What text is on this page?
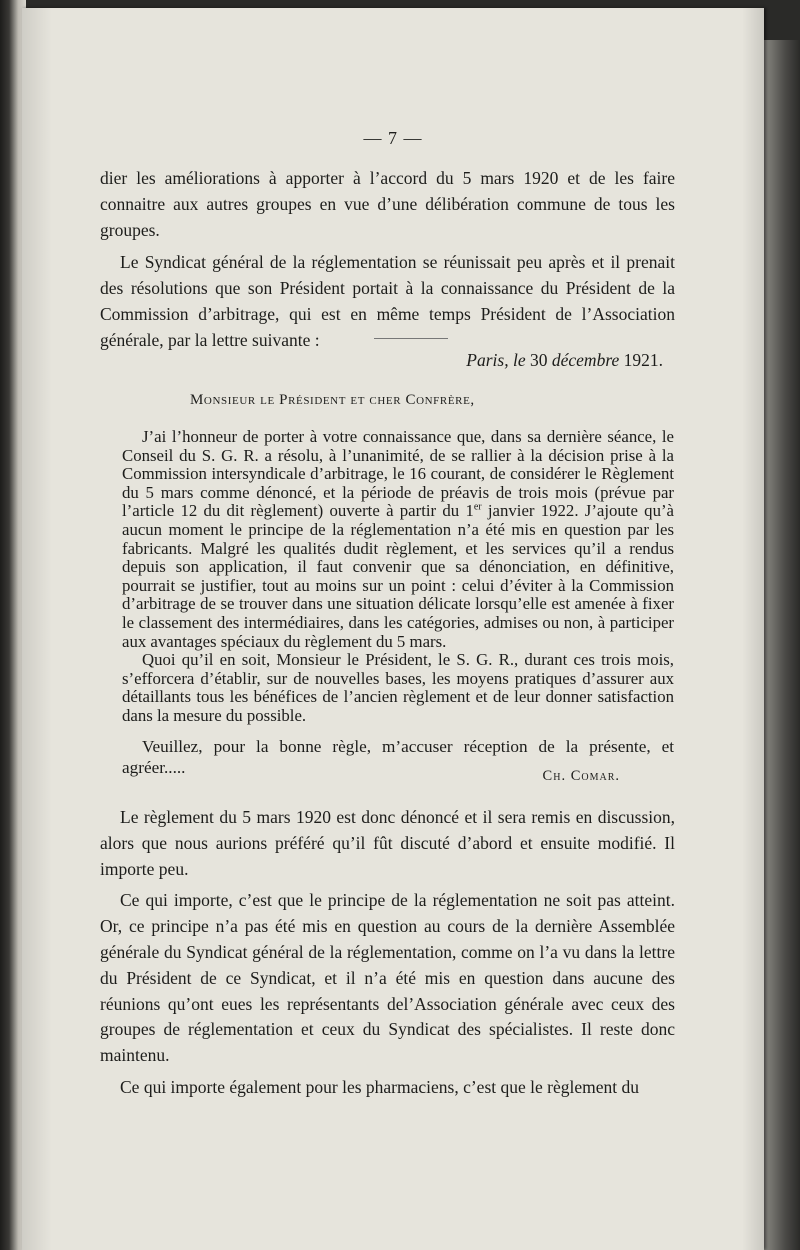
— 7 —

dier les améliorations à apporter à l’accord du 5 mars 1920 et de les faire connaitre aux autres groupes en vue d’une délibération commune de tous les groupes.

Le Syndicat général de la réglementation se réunissait peu après et il prenait des résolutions que son Président portait à la connaissance du Président de la Commission d’arbitrage, qui est en même temps Président de l’Association générale, par la lettre suivante :

Paris, le 30 décembre 1921.
Monsieur le Président et cher Confrère,

J’ai l’honneur de porter à votre connaissance que, dans sa dernière séance, le Conseil du S. G. R. a résolu, à l’unanimité, de se rallier à la décision prise à la Commission intersyndicale d’arbitrage, le 16 courant, de considérer le Règlement du 5 mars comme dénoncé, et la période de préavis de trois mois (prévue par l’article 12 du dit règlement) ouverte à partir du 1er janvier 1922. J’ajoute qu’à aucun moment le principe de la réglementation n’a été mis en question par les fabricants. Malgré les qualités dudit règlement, et les services qu’il a rendus depuis son application, il faut convenir que sa dénonciation, en définitive, pourrait se justifier, tout au moins sur un point : celui d’éviter à la Commission d’arbitrage de se trouver dans une situation délicate lorsqu’elle est amenée à fixer le classement des intermédiaires, dans les catégories, admises ou non, à participer aux avantages spéciaux du règlement du 5 mars.

Quoi qu’il en soit, Monsieur le Président, le S. G. R., durant ces trois mois, s’efforcera d’établir, sur de nouvelles bases, les moyens pratiques d’assurer aux détaillants tous les bénéfices de l’ancien règlement et de leur donner satisfaction dans la mesure du possible.

Veuillez, pour la bonne règle, m’accuser réception de la présente, et agréer.....	Ch. Comar.

Le règlement du 5 mars 1920 est donc dénoncé et il sera remis en discussion, alors que nous aurions préféré qu’il fût discuté d’abord et ensuite modifié. Il importe peu.

Ce qui importe, c’est que le principe de la réglementation ne soit pas atteint. Or, ce principe n’a pas été mis en question au cours de la dernière Assemblée générale du Syndicat général de la réglementation, comme on l’a vu dans la lettre du Président de ce Syndicat, et il n’a été mis en question dans aucune des réunions qu’ont eues les représentants del’Association générale avec ceux des groupes de réglementation et ceux du Syndicat des spécialistes. Il reste donc maintenu.

Ce qui importe également pour les pharmaciens, c’est que le règlement du
